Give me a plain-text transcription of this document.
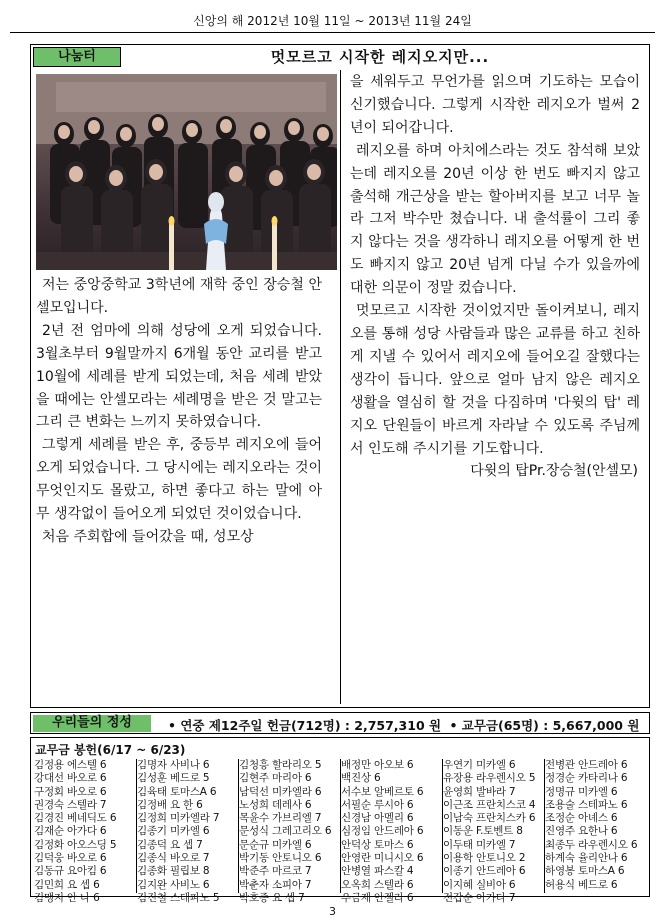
신앙의 해 2012년 10월 11일 ~ 2013년 11월 24일
나눔터	멋모르고 시작한 레지오지만...

저는 중앙중학교 3학년에 재학 중인 장승철 안셀모입니다.

2년 전 엄마에 의해 성당에 오게 되었습니다. 3월초부터 9월말까지 6개월 동안 교리를 받고 10월에 세례를 받게 되었는데, 처음 세례 받았을 때에는 안셀모라는 세례명을 받은 것 말고는 그리 큰 변화는 느끼지 못하였습니다.

그렇게 세례를 받은 후, 중등부 레지오에 들어오게 되었습니다. 그 당시에는 레지오라는 것이 무엇인지도 몰랐고, 하면 좋다고 하는 말에 아무 생각없이 들어오게 되었던 것이었습니다.

처음 주회합에 들어갔을 때, 성모상

을 세워두고 무언가를 읽으며 기도하는 모습이 신기했습니다. 그렇게 시작한 레지오가 벌써 2년이 되어갑니다.

레지오를 하며 아치에스라는 것도 참석해 보았는데 레지오를 20년 이상 한 번도 빠지지 않고 출석해 개근상을 받는 할아버지를 보고 너무 놀라 그저 박수만 쳤습니다. 내 출석률이 그리 좋지 않다는 것을 생각하니 레지오를 어떻게 한 번도 빠지지 않고 20년 넘게 다닐 수가 있을까에 대한 의문이 정말 컸습니다.

멋모르고 시작한 것이었지만 돌이켜보니, 레지오를 통해 성당 사람들과 많은 교류를 하고 친하게 지낼 수 있어서 레지오에 들어오길 잘했다는 생각이 듭니다. 앞으로 얼마 남지 않은 레지오 생활을 열심히 할 것을 다짐하며 '다윗의 탑' 레지오 단원들이 바르게 자라날 수 있도록 주님께서 인도해 주시기를 기도합니다.

다윗의 탑Pr.장승철(안셀모)

우리들의 정성	• 연중 제12주일 헌금(712명) : 2,757,310 원 • 교무금(65명) : 5,667,000 원
교무금 봉헌(6/17 ~ 6/23)
김정용 에스텔 6
강대선 바오로 6
구정회 바오로 6
권경숙 스텔라 7
김경진 베네딕도 6
김재순 아가다 6
김정화 아오스딩 5
김덕웅 바오로 6
김동규 요아킴 6
김민희 요 셉 6
김맹지 안 나 6
김명자 사비나 6
김성훈 베드로 5
김육태 토마스A 6
김정배 요 한 6
김정희 미카엘라 7
김종기 미카엘 6
김종덕 요 셉 7
김종식 바오로 7
김종화 필립보 8
김지완 사비노 6
김진철 스테파노 5
김청흥 할라리오 5
김현주 마리아 6
남덕선 미카엘라 6
노성희 데레사 6
목윤수 가브리엘 7
문성식 그레고리오 6
문순규 미카엘 6
박기동 안토니오 6
박준주 마르코 7
박춘자 소피아 7
박호종 요 셉 7
배정만 아오보 6
백진상 6
서수보 알베르토 6
서필순 루시아 6
신경남 아멜리 6
심정임 안드레아 6
안덕상 토마스 6
안영란 미니시오 6
안병열 파스칼 4
오옥희 스텔라 6
우금재 안젤라 6
우연기 미카엘 6
유장용 라우렌시오 5
윤영희 발바라 7
이근조 프란치스코 4
이남숙 프란치스카 6
이동운 F.토벤트 8
이두태 미카엘 7
이용학 안토니오 2
이종기 안드레아 6
이지혜 실비아 6
전갑순 아가다 7
전병관 안드레아 6
정경순 카타리나 6
정명규 미카엘 6
조용술 스테파노 6
조정순 아녜스 6
진영주 요한나 6
최종두 라우렌시오 6
하계숙 율리안나 6
하영봉 토마스A 6
허용식 베드로 6
3
